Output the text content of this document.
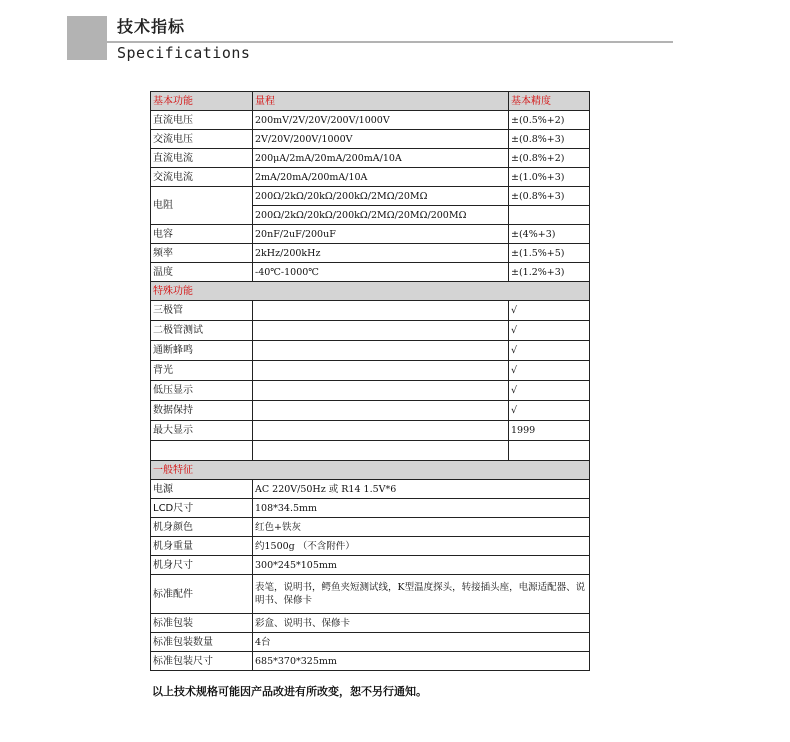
技术指标
Specifications
基本功能	量程	基本精度
直流电压	200mV/2V/20V/200V/1000V	±(0.5%+2)
交流电压	2V/20V/200V/1000V	±(0.8%+3)
直流电流	200μA/2mA/20mA/200mA/10A	±(0.8%+2)
交流电流	2mA/20mA/200mA/10A	±(1.0%+3)
电阻	200Ω/2kΩ/20kΩ/200kΩ/2MΩ/20MΩ	±(0.8%+3)
	200Ω/2kΩ/20kΩ/200kΩ/2MΩ/20MΩ/200MΩ	
电容	20nF/2uF/200uF	±(4%+3)
频率	2kHz/200kHz	±(1.5%+5)
温度	-40℃-1000℃	±(1.2%+3)
特殊功能		
三极管		√
二极管测试		√
通断蜂鸣		√
背光		√
低压显示		√
数据保持		√
最大显示		1999

一般特征		
电源	AC 220V/50Hz 或 R14 1.5V*6	
LCD尺寸	108*34.5mm	
机身颜色	红色+铁灰	
机身重量	约1500g （不含附件）	
机身尺寸	300*245*105mm	
标准配件	表笔，说明书，鳄鱼夹短测试线，K型温度探头，转接插头座，电源适配器、说明书、保修卡	
标准包装	彩盒、说明书、保修卡	
标准包装数量	4台	
标准包装尺寸	685*370*325mm	
以上技术规格可能因产品改进有所改变，恕不另行通知。
